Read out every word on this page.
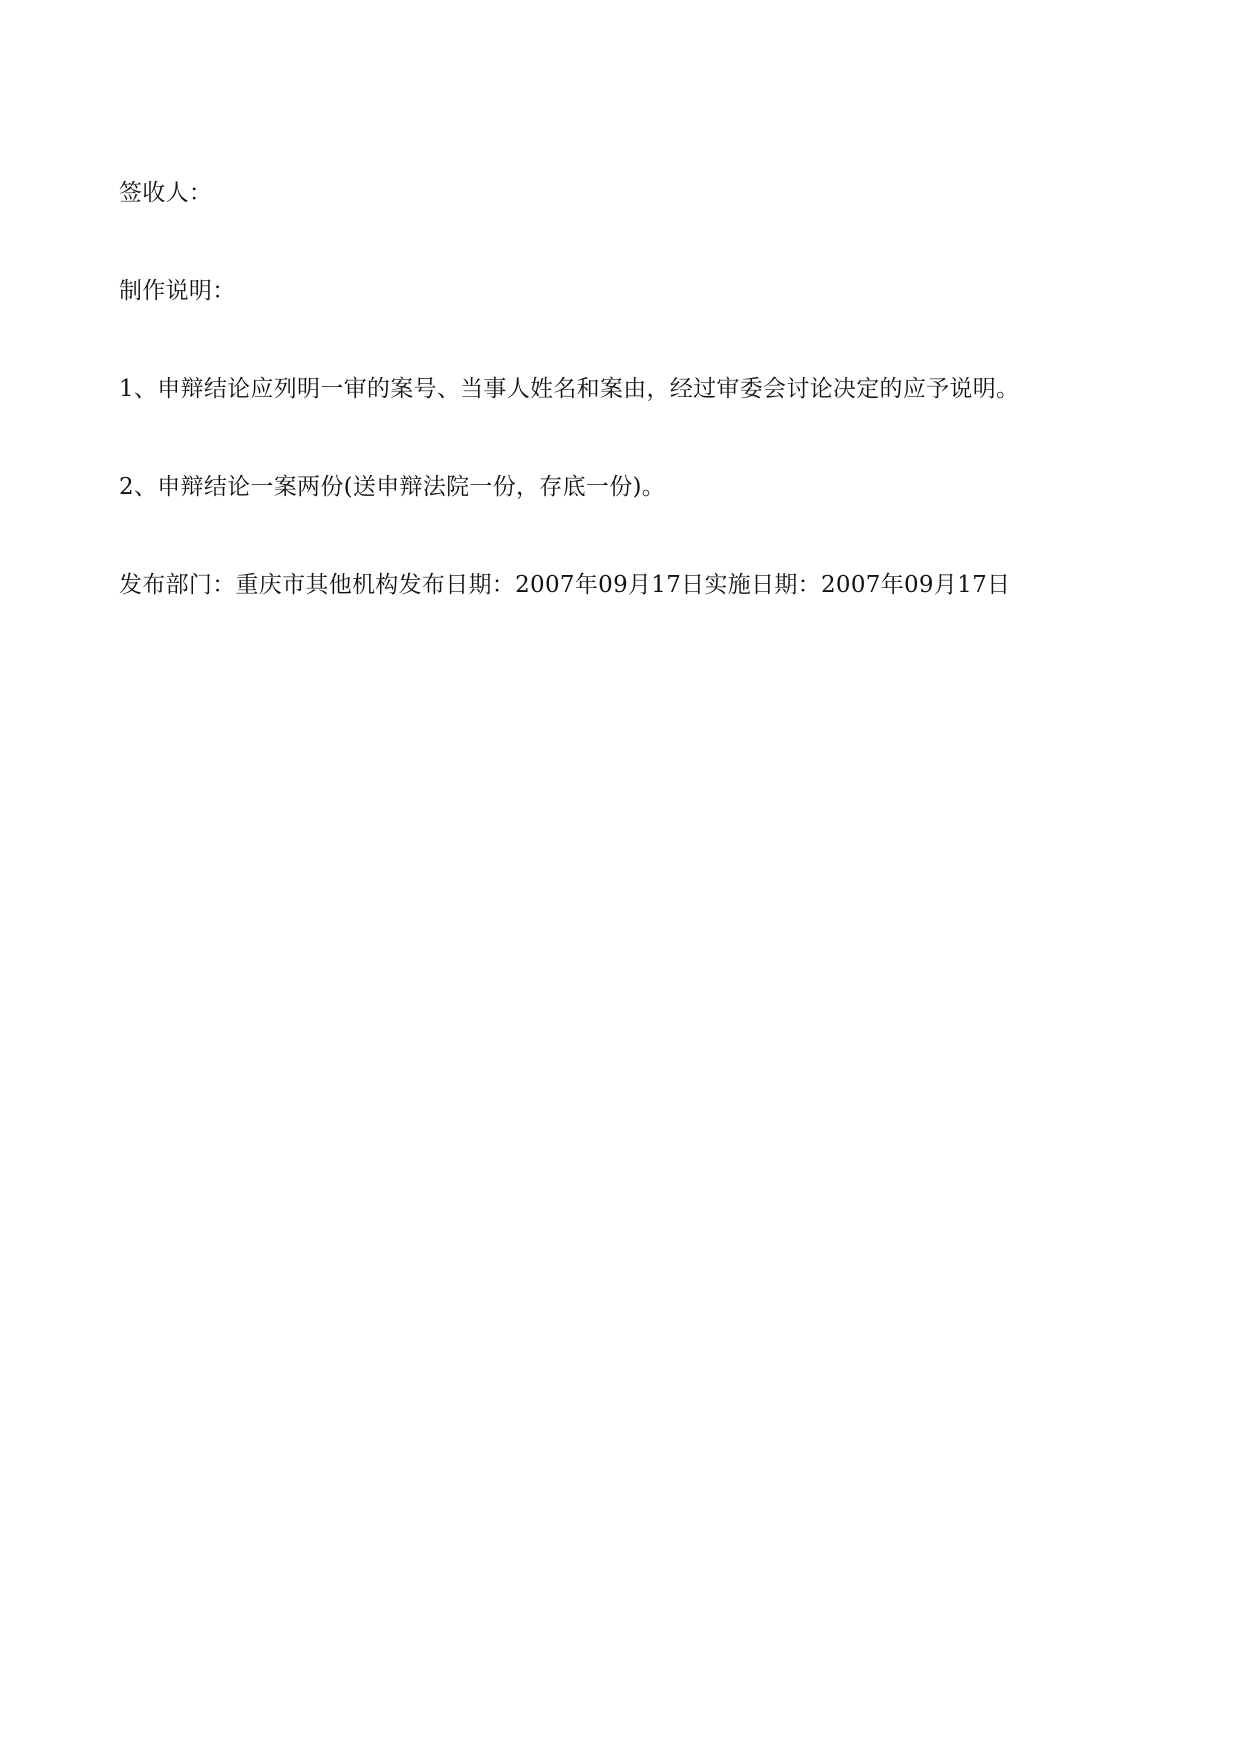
签收人：

制作说明：

1、申辩结论应列明一审的案号、当事人姓名和案由，经过审委会讨论决定的应予说明。

2、申辩结论一案两份(送申辩法院一份，存底一份)。

发布部门：重庆市其他机构发布日期：2007年09月17日实施日期：2007年09月17日
